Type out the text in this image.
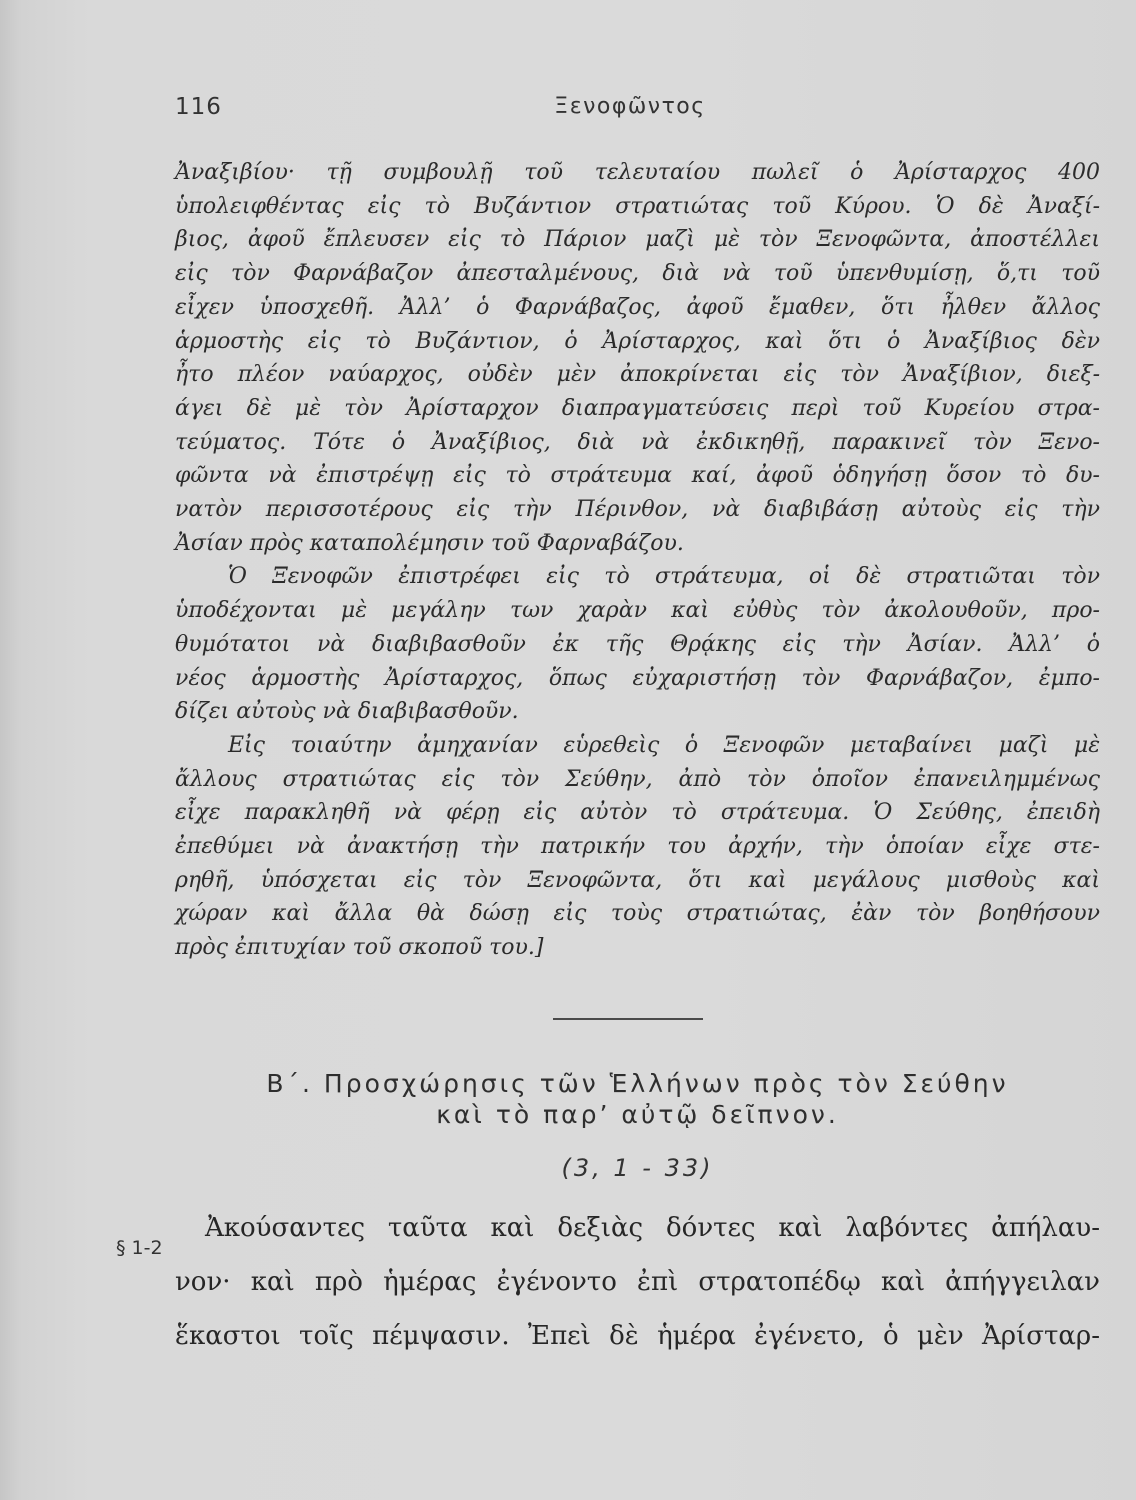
116	Ξενοφῶντος
Ἀναξιβίου· τῇ συμβουλῇ τοῦ τελευταίου πωλεῖ ὁ Ἀρίσταρχος 400
ὑπολειφθέντας εἰς τὸ Βυζάντιον στρατιώτας τοῦ Κύρου. Ὁ δὲ Ἀναξί-
βιος, ἀφοῦ ἔπλευσεν εἰς τὸ Πάριον μαζὶ μὲ τὸν Ξενοφῶντα, ἀποστέλλει
εἰς τὸν Φαρνάβαζον ἀπεσταλμένους, διὰ νὰ τοῦ ὑπενθυμίσῃ, ὅ,τι τοῦ
εἶχεν ὑποσχεθῆ. Ἀλλ’ ὁ Φαρνάβαζος, ἀφοῦ ἔμαθεν, ὅτι ἦλθεν ἄλλος
ἁρμοστὴς εἰς τὸ Βυζάντιον, ὁ Ἀρίσταρχος, καὶ ὅτι ὁ Ἀναξίβιος δὲν
ἦτο πλέον ναύαρχος, οὐδὲν μὲν ἀποκρίνεται εἰς τὸν Ἀναξίβιον, διεξ-
άγει δὲ μὲ τὸν Ἀρίσταρχον διαπραγματεύσεις περὶ τοῦ Κυρείου στρα-
τεύματος. Τότε ὁ Ἀναξίβιος, διὰ νὰ ἐκδικηθῇ, παρακινεῖ τὸν Ξενο-
φῶντα νὰ ἐπιστρέψῃ εἰς τὸ στράτευμα καί, ἀφοῦ ὁδηγήσῃ ὅσον τὸ δυ-
νατὸν περισσοτέρους εἰς τὴν Πέρινθον, νὰ διαβιβάσῃ αὐτοὺς εἰς τὴν
Ἀσίαν πρὸς καταπολέμησιν τοῦ Φαρναβάζου.
Ὁ Ξενοφῶν ἐπιστρέφει εἰς τὸ στράτευμα, οἱ δὲ στρατιῶται τὸν
ὑποδέχονται μὲ μεγάλην των χαρὰν καὶ εὐθὺς τὸν ἀκολουθοῦν, προ-
θυμότατοι νὰ διαβιβασθοῦν ἐκ τῆς Θρᾴκης εἰς τὴν Ἀσίαν. Ἀλλ’ ὁ
νέος ἁρμοστὴς Ἀρίσταρχος, ὅπως εὐχαριστήσῃ τὸν Φαρνάβαζον, ἐμπο-
δίζει αὐτοὺς νὰ διαβιβασθοῦν.
Εἰς τοιαύτην ἀμηχανίαν εὑρεθεὶς ὁ Ξενοφῶν μεταβαίνει μαζὶ μὲ
ἄλλους στρατιώτας εἰς τὸν Σεύθην, ἀπὸ τὸν ὁποῖον ἐπανειλημμένως
εἶχε παρακληθῆ νὰ φέρῃ εἰς αὐτὸν τὸ στράτευμα. Ὁ Σεύθης, ἐπειδὴ
ἐπεθύμει νὰ ἀνακτήσῃ τὴν πατρικήν του ἀρχήν, τὴν ὁποίαν εἶχε στε-
ρηθῆ, ὑπόσχεται εἰς τὸν Ξενοφῶντα, ὅτι καὶ μεγάλους μισθοὺς καὶ
χώραν καὶ ἄλλα θὰ δώσῃ εἰς τοὺς στρατιώτας, ἐὰν τὸν βοηθήσουν
πρὸς ἐπιτυχίαν τοῦ σκοποῦ του.]
Β΄. Προσχώρησις τῶν Ἑλλήνων πρὸς τὸν Σεύθην
καὶ τὸ παρ’ αὐτῷ δεῖπνον.
(3, 1 - 33)
§ 1-2
Ἀκούσαντες ταῦτα καὶ δεξιὰς δόντες καὶ λαβόντες ἀπήλαυ-
νον· καὶ πρὸ ἡμέρας ἐγένοντο ἐπὶ στρατοπέδῳ καὶ ἀπήγγειλαν
ἕκαστοι τοῖς πέμψασιν. Ἐπεὶ δὲ ἡμέρα ἐγένετο, ὁ μὲν Ἀρίσταρ-
